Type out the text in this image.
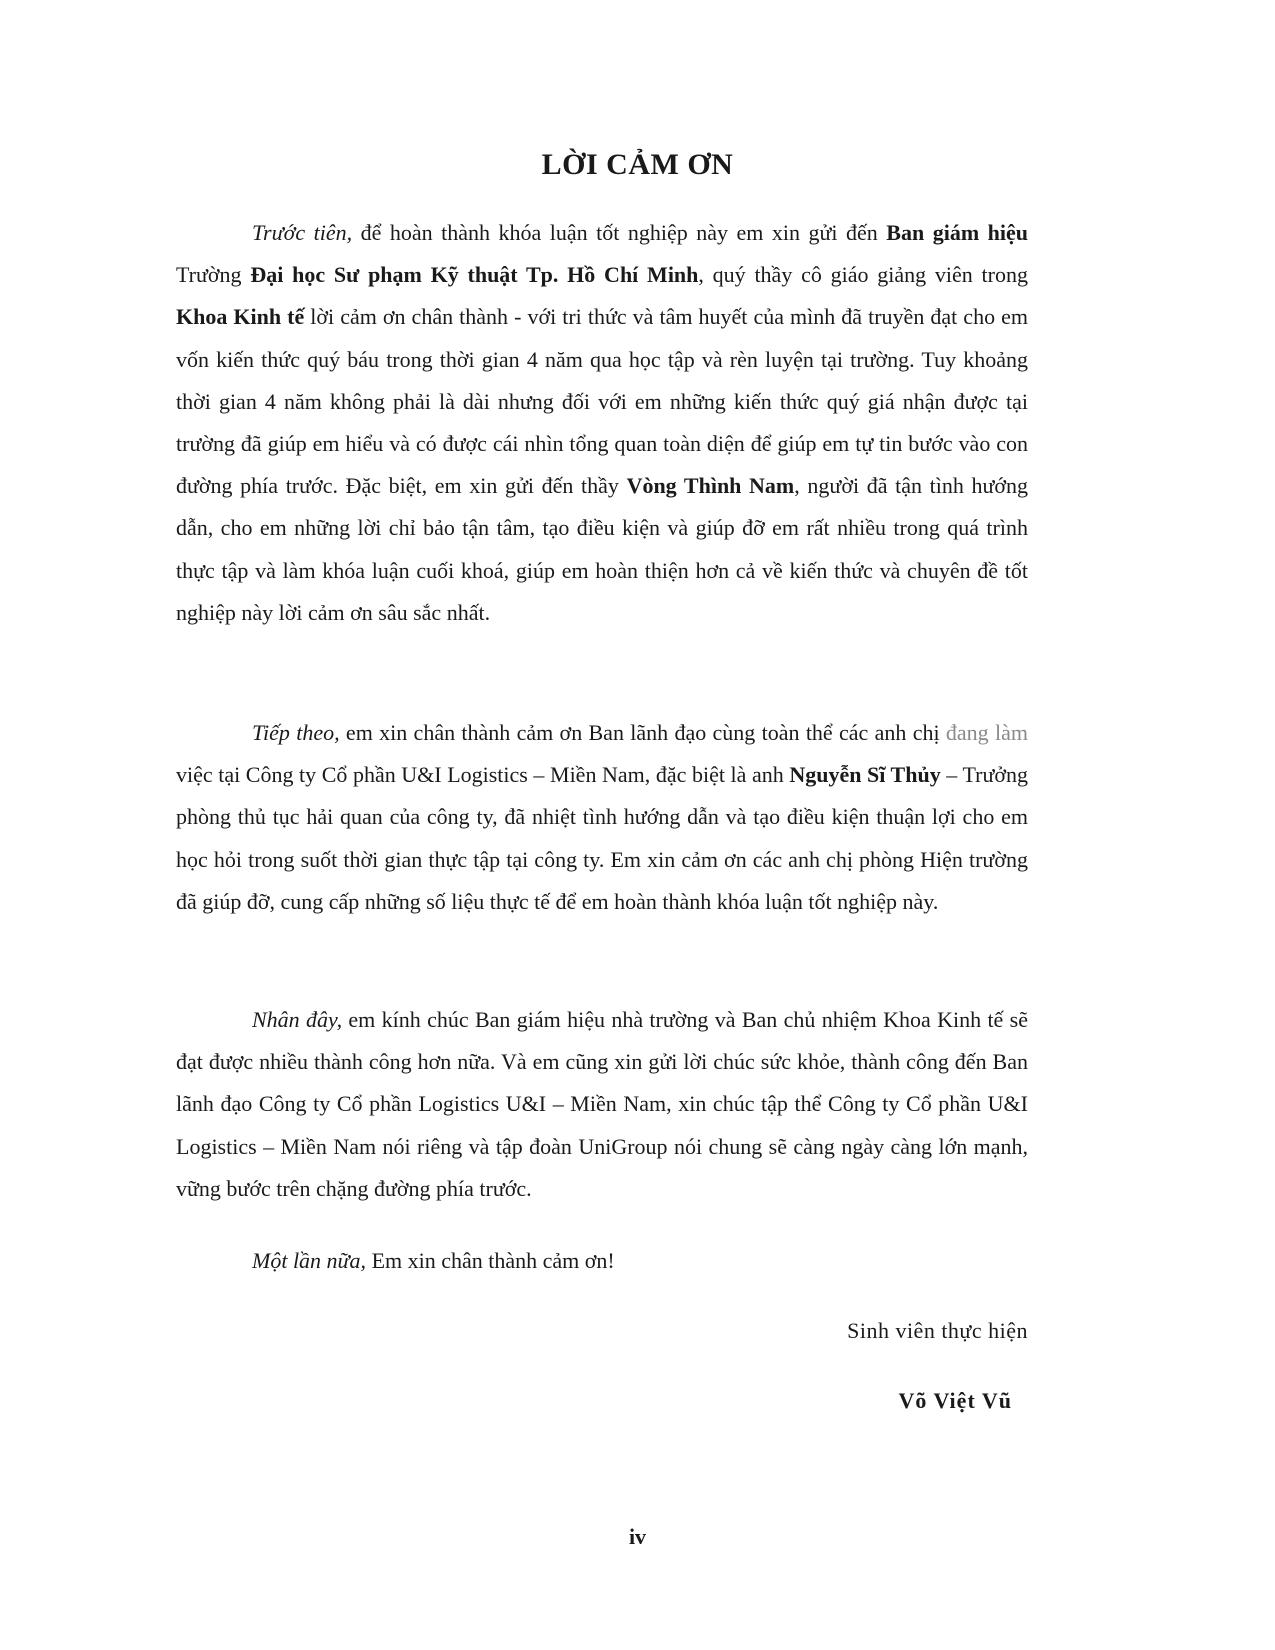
LỜI CẢM ƠN

Trước tiên, để hoàn thành khóa luận tốt nghiệp này em xin gửi đến Ban giám hiệu Trường Đại học Sư phạm Kỹ thuật Tp. Hồ Chí Minh, quý thầy cô giáo giảng viên trong Khoa Kinh tế lời cảm ơn chân thành - với tri thức và tâm huyết của mình đã truyền đạt cho em vốn kiến thức quý báu trong thời gian 4 năm qua học tập và rèn luyện tại trường. Tuy khoảng thời gian 4 năm không phải là dài nhưng đối với em những kiến thức quý giá nhận được tại trường đã giúp em hiểu và có được cái nhìn tổng quan toàn diện để giúp em tự tin bước vào con đường phía trước. Đặc biệt, em xin gửi đến thầy Vòng Thình Nam, người đã tận tình hướng dẫn, cho em những lời chỉ bảo tận tâm, tạo điều kiện và giúp đỡ em rất nhiều trong quá trình thực tập và làm khóa luận cuối khoá, giúp em hoàn thiện hơn cả về kiến thức và chuyên đề tốt nghiệp này lời cảm ơn sâu sắc nhất.

Tiếp theo, em xin chân thành cảm ơn Ban lãnh đạo cùng toàn thể các anh chị đang làm việc tại Công ty Cổ phần U&I Logistics – Miền Nam, đặc biệt là anh Nguyễn Sĩ Thủy – Trưởng phòng thủ tục hải quan của công ty, đã nhiệt tình hướng dẫn và tạo điều kiện thuận lợi cho em học hỏi trong suốt thời gian thực tập tại công ty. Em xin cảm ơn các anh chị phòng Hiện trường đã giúp đỡ, cung cấp những số liệu thực tế để em hoàn thành khóa luận tốt nghiệp này.

Nhân đây, em kính chúc Ban giám hiệu nhà trường và Ban chủ nhiệm Khoa Kinh tế sẽ đạt được nhiều thành công hơn nữa. Và em cũng xin gửi lời chúc sức khỏe, thành công đến Ban lãnh đạo Công ty Cổ phần Logistics U&I – Miền Nam, xin chúc tập thể Công ty Cổ phần U&I Logistics – Miền Nam nói riêng và tập đoàn UniGroup nói chung sẽ càng ngày càng lớn mạnh, vững bước trên chặng đường phía trước.

Một lần nữa, Em xin chân thành cảm ơn!

Sinh viên thực hiện
Võ Việt Vũ
iv
